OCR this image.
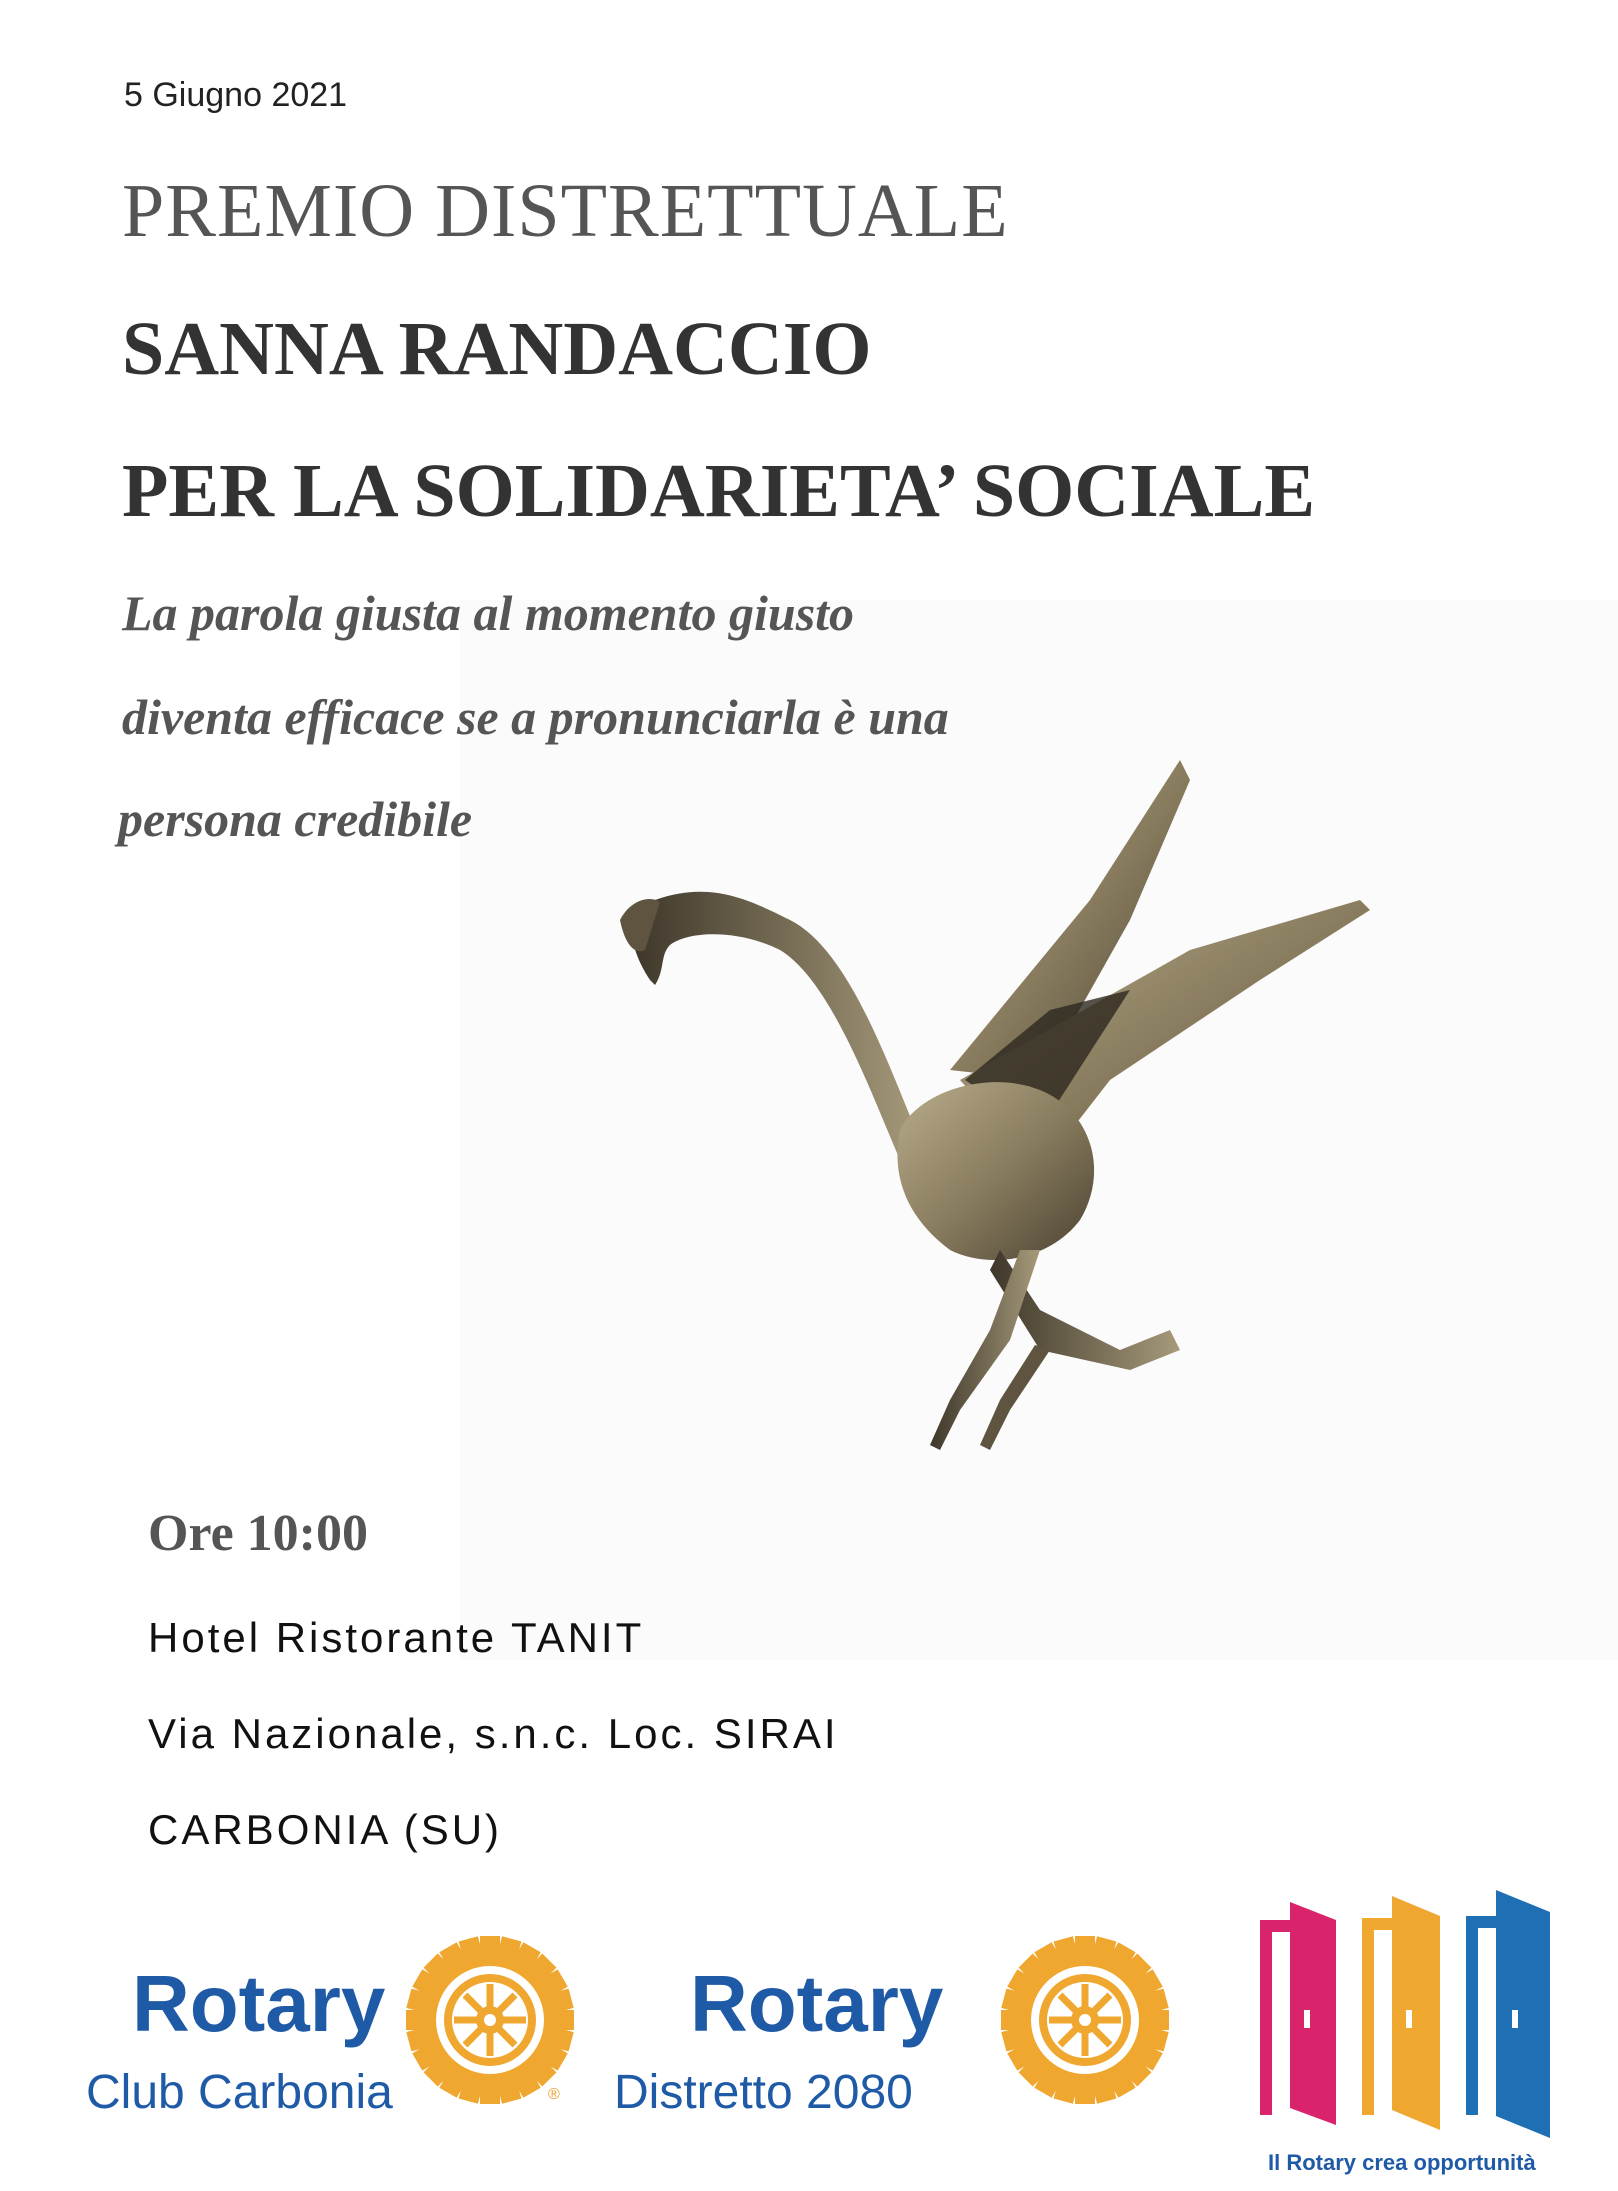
5 Giugno 2021
PREMIO DISTRETTUALE
SANNA RANDACCIO
PER LA SOLIDARIETA’ SOCIALE
La parola giusta al momento giusto
diventa efficace se a pronunciarla è una
persona credibile
Ore 10:00
Hotel Ristorante TANIT
Via Nazionale, s.n.c. Loc. SIRAI
CARBONIA (SU)
Rotary
Club Carbonia	®
Rotary
Distretto 2080
Il Rotary crea opportunità
